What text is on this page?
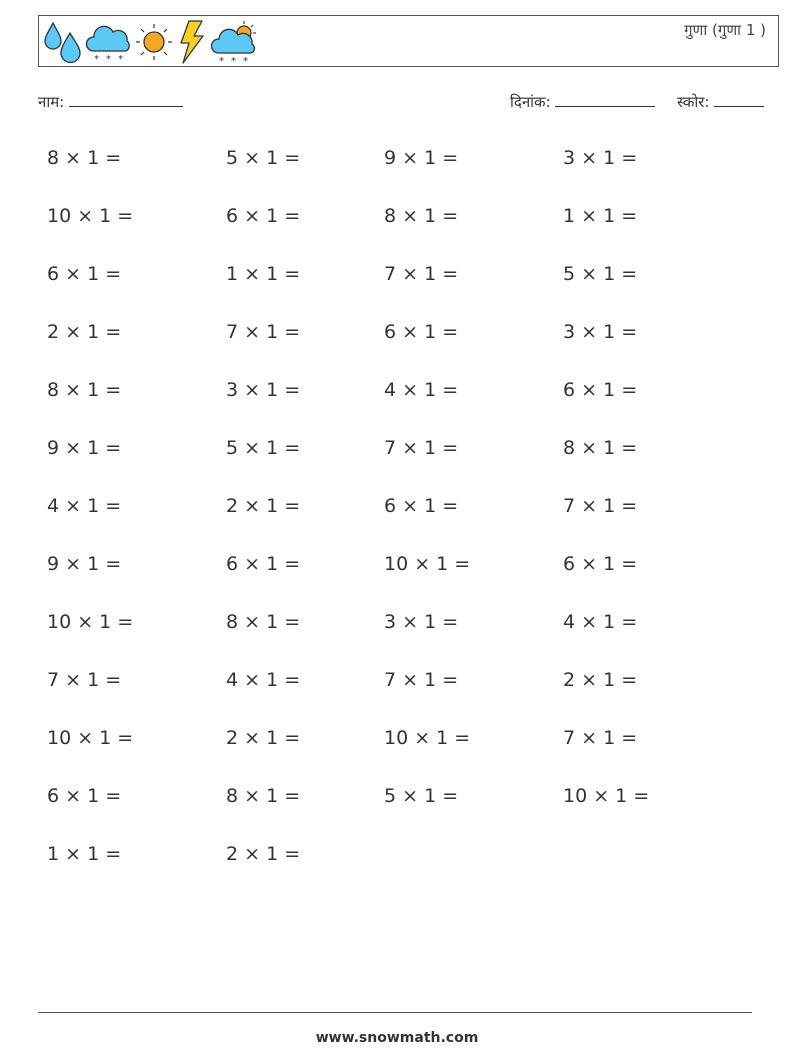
* * *	* * *
गुणा (गुणा 1 )
नाम:	दिनांक:	स्कोर:
8 × 1 =	5 × 1 =	9 × 1 =	3 × 1 =
10 × 1 =	6 × 1 =	8 × 1 =	1 × 1 =
6 × 1 =	1 × 1 =	7 × 1 =	5 × 1 =
2 × 1 =	7 × 1 =	6 × 1 =	3 × 1 =
8 × 1 =	3 × 1 =	4 × 1 =	6 × 1 =
9 × 1 =	5 × 1 =	7 × 1 =	8 × 1 =
4 × 1 =	2 × 1 =	6 × 1 =	7 × 1 =
9 × 1 =	6 × 1 =	10 × 1 =	6 × 1 =
10 × 1 =	8 × 1 =	3 × 1 =	4 × 1 =
7 × 1 =	4 × 1 =	7 × 1 =	2 × 1 =
10 × 1 =	2 × 1 =	10 × 1 =	7 × 1 =
6 × 1 =	8 × 1 =	5 × 1 =	10 × 1 =
1 × 1 =	2 × 1 =
www.snowmath.com
